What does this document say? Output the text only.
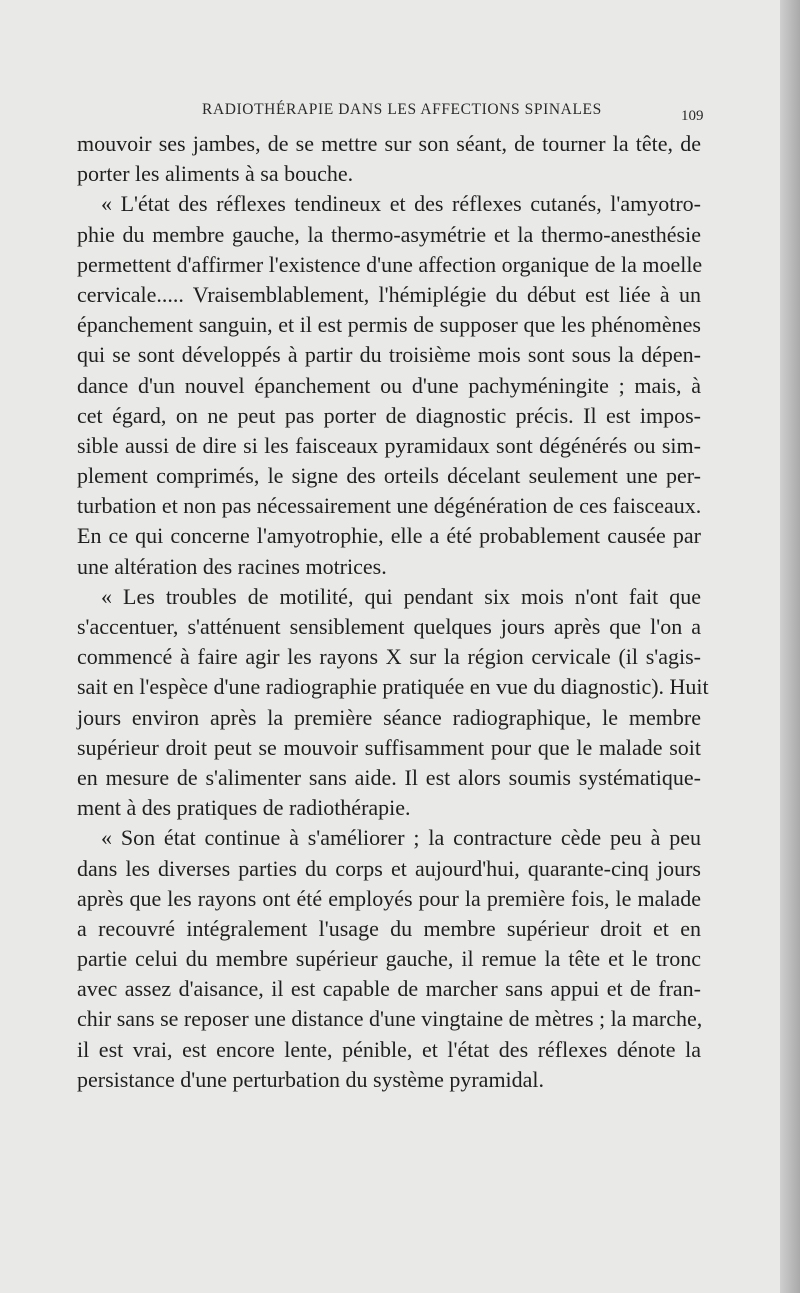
RADIOTHÉRAPIE DANS LES AFFECTIONS SPINALES	109
mouvoir ses jambes, de se mettre sur son séant, de tourner la tête, de
porter les aliments à sa bouche.
« L'état des réflexes tendineux et des réflexes cutanés, l'amyotro-
phie du membre gauche, la thermo-asymétrie et la thermo-anesthésie
permettent d'affirmer l'existence d'une affection organique de la moelle
cervicale..... Vraisemblablement, l'hémiplégie du début est liée à un
épanchement sanguin, et il est permis de supposer que les phénomènes
qui se sont développés à partir du troisième mois sont sous la dépen-
dance d'un nouvel épanchement ou d'une pachyméningite ; mais, à
cet égard, on ne peut pas porter de diagnostic précis. Il est impos-
sible aussi de dire si les faisceaux pyramidaux sont dégénérés ou sim-
plement comprimés, le signe des orteils décelant seulement une per-
turbation et non pas nécessairement une dégénération de ces faisceaux.
En ce qui concerne l'amyotrophie, elle a été probablement causée par
une altération des racines motrices.
« Les troubles de motilité, qui pendant six mois n'ont fait que
s'accentuer, s'atténuent sensiblement quelques jours après que l'on a
commencé à faire agir les rayons X sur la région cervicale (il s'agis-
sait en l'espèce d'une radiographie pratiquée en vue du diagnostic). Huit
jours environ après la première séance radiographique, le membre
supérieur droit peut se mouvoir suffisamment pour que le malade soit
en mesure de s'alimenter sans aide. Il est alors soumis systématique-
ment à des pratiques de radiothérapie.
« Son état continue à s'améliorer ; la contracture cède peu à peu
dans les diverses parties du corps et aujourd'hui, quarante-cinq jours
après que les rayons ont été employés pour la première fois, le malade
a recouvré intégralement l'usage du membre supérieur droit et en
partie celui du membre supérieur gauche, il remue la tête et le tronc
avec assez d'aisance, il est capable de marcher sans appui et de fran-
chir sans se reposer une distance d'une vingtaine de mètres ; la marche,
il est vrai, est encore lente, pénible, et l'état des réflexes dénote la
persistance d'une perturbation du système pyramidal.
